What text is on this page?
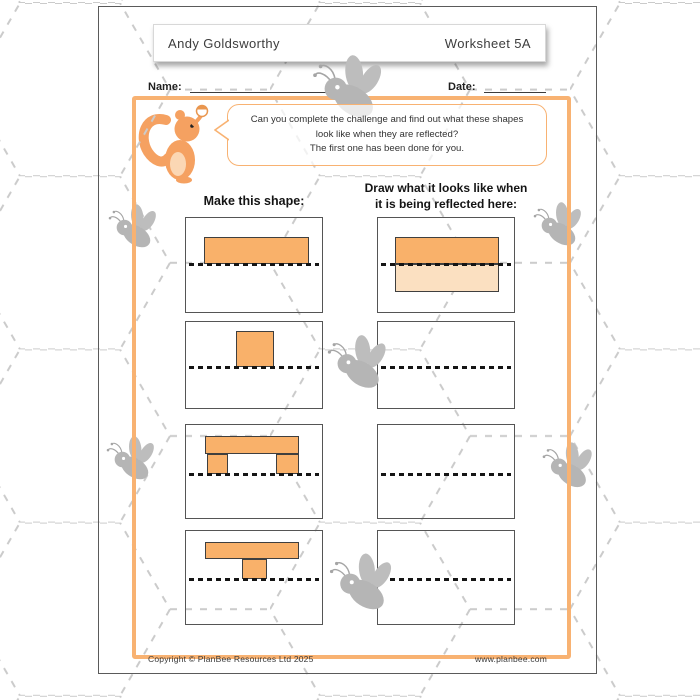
Andy Goldsworthy	Worksheet 5A
Name:	Date:
Can you complete the challenge and find out what these shapes
look like when they are reflected?
The first one has been done for you.
Make this shape:
Draw what it looks like when
it is being reflected here:
Copyright © PlanBee Resources Ltd 2025	www.planbee.com
